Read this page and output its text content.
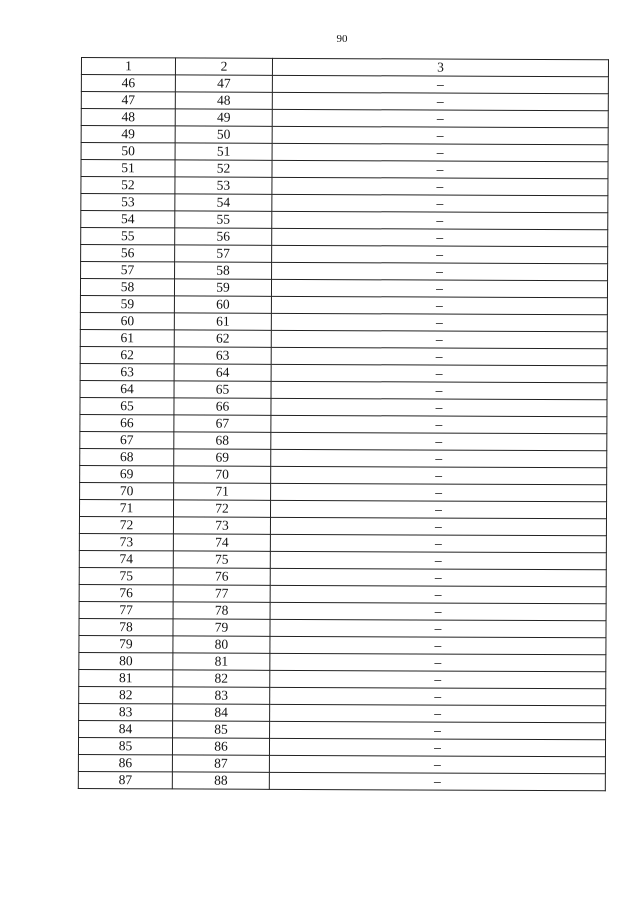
90
1	2	3
46	47	–
47	48	–
48	49	–
49	50	–
50	51	–
51	52	–
52	53	–
53	54	–
54	55	–
55	56	–
56	57	–
57	58	–
58	59	–
59	60	–
60	61	–
61	62	–
62	63	–
63	64	–
64	65	–
65	66	–
66	67	–
67	68	–
68	69	–
69	70	–
70	71	–
71	72	–
72	73	–
73	74	–
74	75	–
75	76	–
76	77	–
77	78	–
78	79	–
79	80	–
80	81	–
81	82	–
82	83	–
83	84	–
84	85	–
85	86	–
86	87	–
87	88	–
